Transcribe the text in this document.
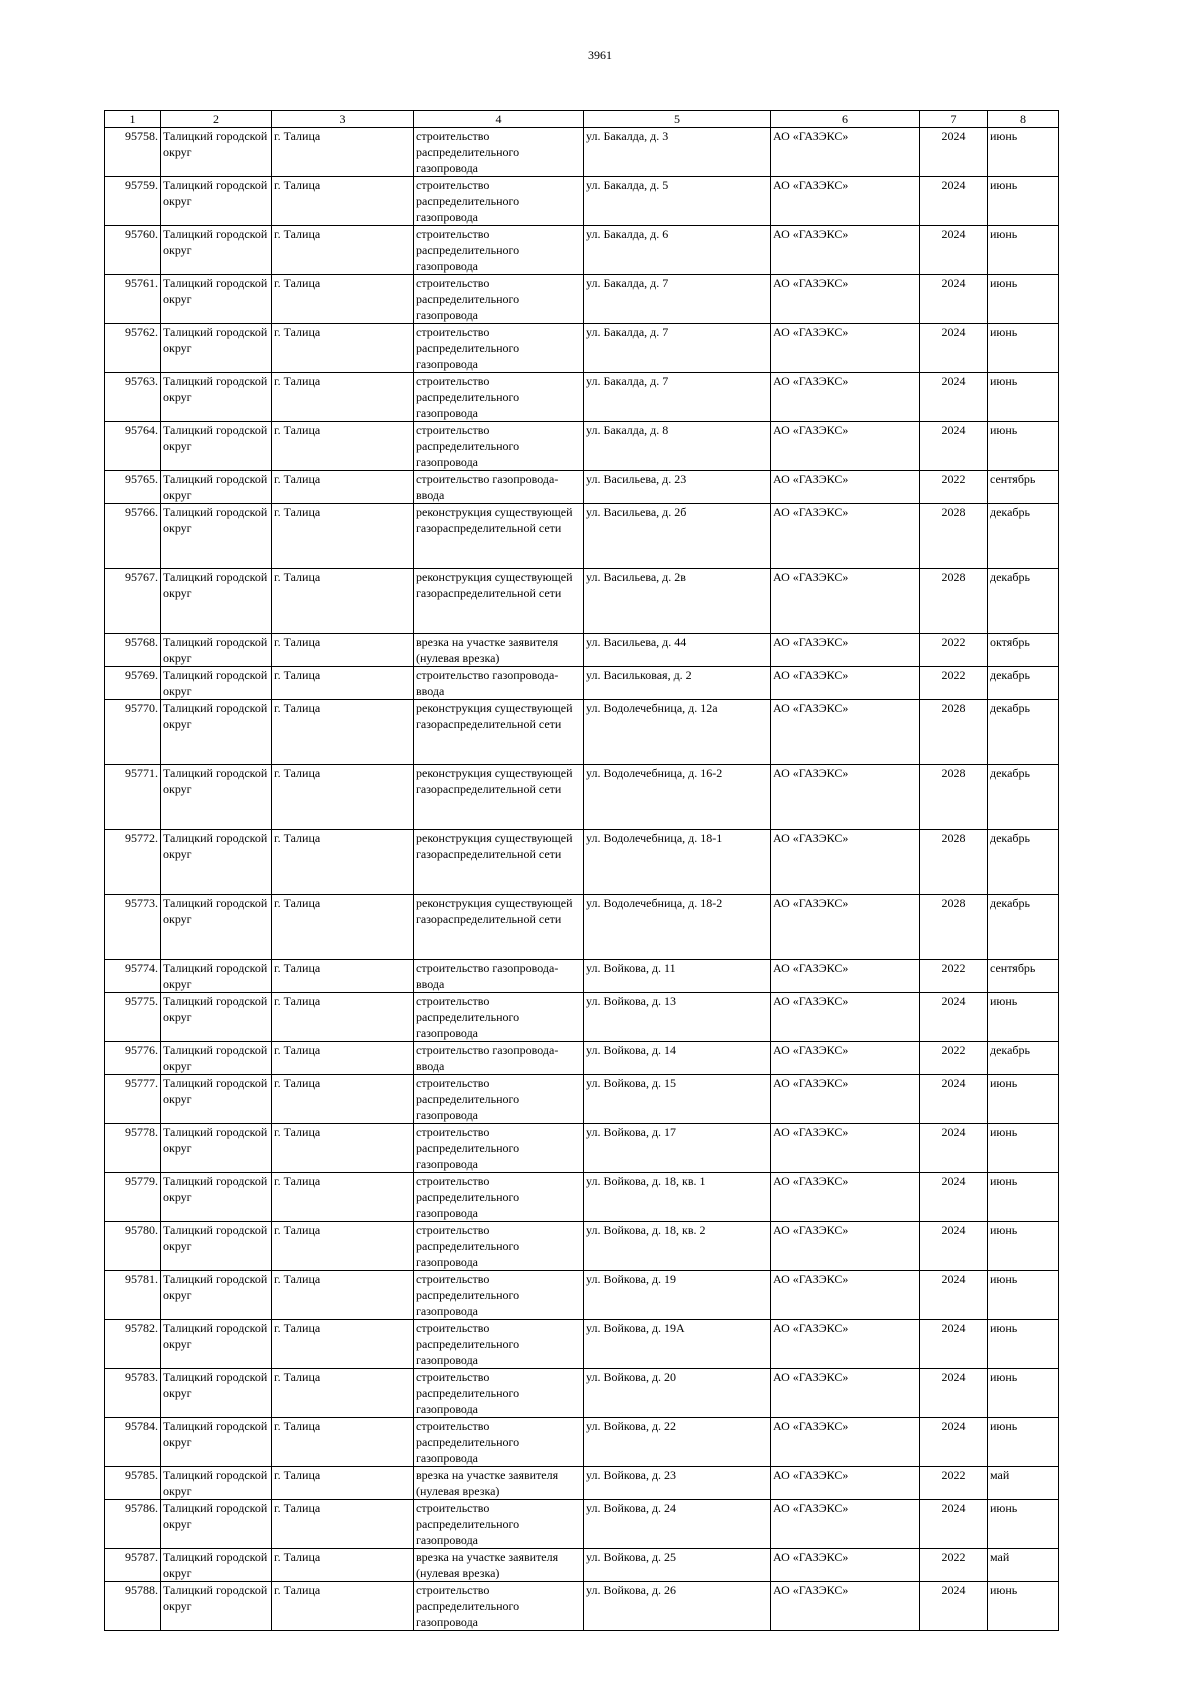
3961
1	2	3	4	5	6	7	8
95758.	Талицкий городской округ	г. Талица	строительство распределительного газопровода	ул. Бакалда, д. 3	АО «ГАЗЭКС»	2024	июнь
95759.	Талицкий городской округ	г. Талица	строительство распределительного газопровода	ул. Бакалда, д. 5	АО «ГАЗЭКС»	2024	июнь
95760.	Талицкий городской округ	г. Талица	строительство распределительного газопровода	ул. Бакалда, д. 6	АО «ГАЗЭКС»	2024	июнь
95761.	Талицкий городской округ	г. Талица	строительство распределительного газопровода	ул. Бакалда, д. 7	АО «ГАЗЭКС»	2024	июнь
95762.	Талицкий городской округ	г. Талица	строительство распределительного газопровода	ул. Бакалда, д. 7	АО «ГАЗЭКС»	2024	июнь
95763.	Талицкий городской округ	г. Талица	строительство распределительного газопровода	ул. Бакалда, д. 7	АО «ГАЗЭКС»	2024	июнь
95764.	Талицкий городской округ	г. Талица	строительство распределительного газопровода	ул. Бакалда, д. 8	АО «ГАЗЭКС»	2024	июнь
95765.	Талицкий городской округ	г. Талица	строительство газопровода-ввода	ул. Васильева, д. 23	АО «ГАЗЭКС»	2022	сентябрь
95766.	Талицкий городской округ	г. Талица	реконструкция существующей газораспределительной сети	ул. Васильева, д. 2б	АО «ГАЗЭКС»	2028	декабрь
95767.	Талицкий городской округ	г. Талица	реконструкция существующей газораспределительной сети	ул. Васильева, д. 2в	АО «ГАЗЭКС»	2028	декабрь
95768.	Талицкий городской округ	г. Талица	врезка на участке заявителя (нулевая врезка)	ул. Васильева, д. 44	АО «ГАЗЭКС»	2022	октябрь
95769.	Талицкий городской округ	г. Талица	строительство газопровода-ввода	ул. Васильковая, д. 2	АО «ГАЗЭКС»	2022	декабрь
95770.	Талицкий городской округ	г. Талица	реконструкция существующей газораспределительной сети	ул. Водолечебница, д. 12а	АО «ГАЗЭКС»	2028	декабрь
95771.	Талицкий городской округ	г. Талица	реконструкция существующей газораспределительной сети	ул. Водолечебница, д. 16-2	АО «ГАЗЭКС»	2028	декабрь
95772.	Талицкий городской округ	г. Талица	реконструкция существующей газораспределительной сети	ул. Водолечебница, д. 18-1	АО «ГАЗЭКС»	2028	декабрь
95773.	Талицкий городской округ	г. Талица	реконструкция существующей газораспределительной сети	ул. Водолечебница, д. 18-2	АО «ГАЗЭКС»	2028	декабрь
95774.	Талицкий городской округ	г. Талица	строительство газопровода-ввода	ул. Войкова, д. 11	АО «ГАЗЭКС»	2022	сентябрь
95775.	Талицкий городской округ	г. Талица	строительство распределительного газопровода	ул. Войкова, д. 13	АО «ГАЗЭКС»	2024	июнь
95776.	Талицкий городской округ	г. Талица	строительство газопровода-ввода	ул. Войкова, д. 14	АО «ГАЗЭКС»	2022	декабрь
95777.	Талицкий городской округ	г. Талица	строительство распределительного газопровода	ул. Войкова, д. 15	АО «ГАЗЭКС»	2024	июнь
95778.	Талицкий городской округ	г. Талица	строительство распределительного газопровода	ул. Войкова, д. 17	АО «ГАЗЭКС»	2024	июнь
95779.	Талицкий городской округ	г. Талица	строительство распределительного газопровода	ул. Войкова, д. 18, кв. 1	АО «ГАЗЭКС»	2024	июнь
95780.	Талицкий городской округ	г. Талица	строительство распределительного газопровода	ул. Войкова, д. 18, кв. 2	АО «ГАЗЭКС»	2024	июнь
95781.	Талицкий городской округ	г. Талица	строительство распределительного газопровода	ул. Войкова, д. 19	АО «ГАЗЭКС»	2024	июнь
95782.	Талицкий городской округ	г. Талица	строительство распределительного газопровода	ул. Войкова, д. 19А	АО «ГАЗЭКС»	2024	июнь
95783.	Талицкий городской округ	г. Талица	строительство распределительного газопровода	ул. Войкова, д. 20	АО «ГАЗЭКС»	2024	июнь
95784.	Талицкий городской округ	г. Талица	строительство распределительного газопровода	ул. Войкова, д. 22	АО «ГАЗЭКС»	2024	июнь
95785.	Талицкий городской округ	г. Талица	врезка на участке заявителя (нулевая врезка)	ул. Войкова, д. 23	АО «ГАЗЭКС»	2022	май
95786.	Талицкий городской округ	г. Талица	строительство распределительного газопровода	ул. Войкова, д. 24	АО «ГАЗЭКС»	2024	июнь
95787.	Талицкий городской округ	г. Талица	врезка на участке заявителя (нулевая врезка)	ул. Войкова, д. 25	АО «ГАЗЭКС»	2022	май
95788.	Талицкий городской округ	г. Талица	строительство распределительного газопровода	ул. Войкова, д. 26	АО «ГАЗЭКС»	2024	июнь
